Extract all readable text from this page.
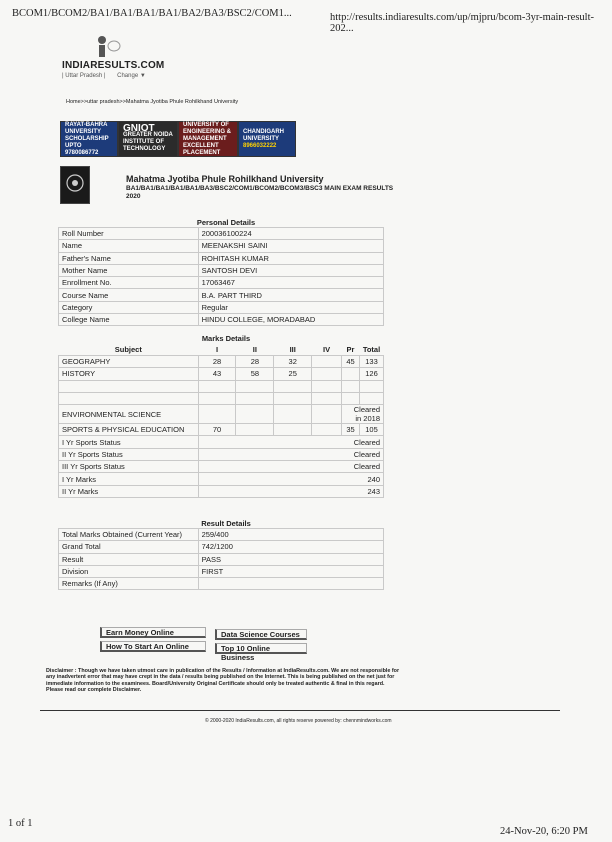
BCOM1/BCOM2/BA1/BA1/BA1/BA1/BA2/BA3/BSC2/COM1...	http://results.indiaresults.com/up/mjpru/bcom-3yr-main-result-202...
INDIARESULTS.COM
| Uttar Pradesh | Change ▼
Home>>uttar pradesh>>Mahatma Jyotiba Phule Rohilkhand University
RAYAT-BAHRA
UNIVERSITY
SCHOLARSHIP UPTO
9780086772
GNIOT
GREATER NOIDA
INSTITUTE OF TECHNOLOGY
UNIVERSITY OF
ENGINEERING &
MANAGEMENT
EXCELLENT PLACEMENT
CHANDIGARH
UNIVERSITY
8966032222
Mahatma Jyotiba Phule Rohilkhand University
BA1/BA1/BA1/BA1/BA1/BA3/BSC2/COM1/BCOM2/BCOM3/BSC3 MAIN EXAM RESULTS 2020
Personal Details
Roll Number	200036100224
Name	MEENAKSHI SAINI
Father's Name	ROHITASH KUMAR
Mother Name	SANTOSH DEVI
Enrollment No.	17063467
Course Name	B.A. PART THIRD
Category	Regular
College Name	HINDU COLLEGE, MORADABAD
Marks Details
Subject	I	II	III	IV	Pr	Total
GEOGRAPHY	28	28	32		45	133
HISTORY	43	58	25			126

ENVIRONMENTAL SCIENCE					Cleared
in 2018	

SPORTS & PHYSICAL EDUCATION	70				35	105
I Yr Sports Status	Cleared					
II Yr Sports Status	Cleared					
III Yr Sports Status	Cleared					
I Yr Marks	240					
II Yr Marks	243					
Result Details
Total Marks Obtained (Current Year)	259/400
Grand Total	742/1200
Result	PASS
Division	FIRST
Remarks (If Any)	
Earn Money Online
How To Start An Online
Data Science Courses
Top 10 Online Business
Disclaimer : Though we have taken utmost care in publication of the Results / Information at IndiaResults.com. We are not responsible for any inadvertent error that may have crept in the data / results being published on the Internet. This is being published on the net just for immediate information to the examinees. Board/University Original Certificate should only be treated authentic & final in this regard. Please read our complete Disclaimer.
© 2000-2020 IndiaResults.com, all rights reserve powered by: chennmindworks.com
1 of 1
24-Nov-20, 6:20 PM
